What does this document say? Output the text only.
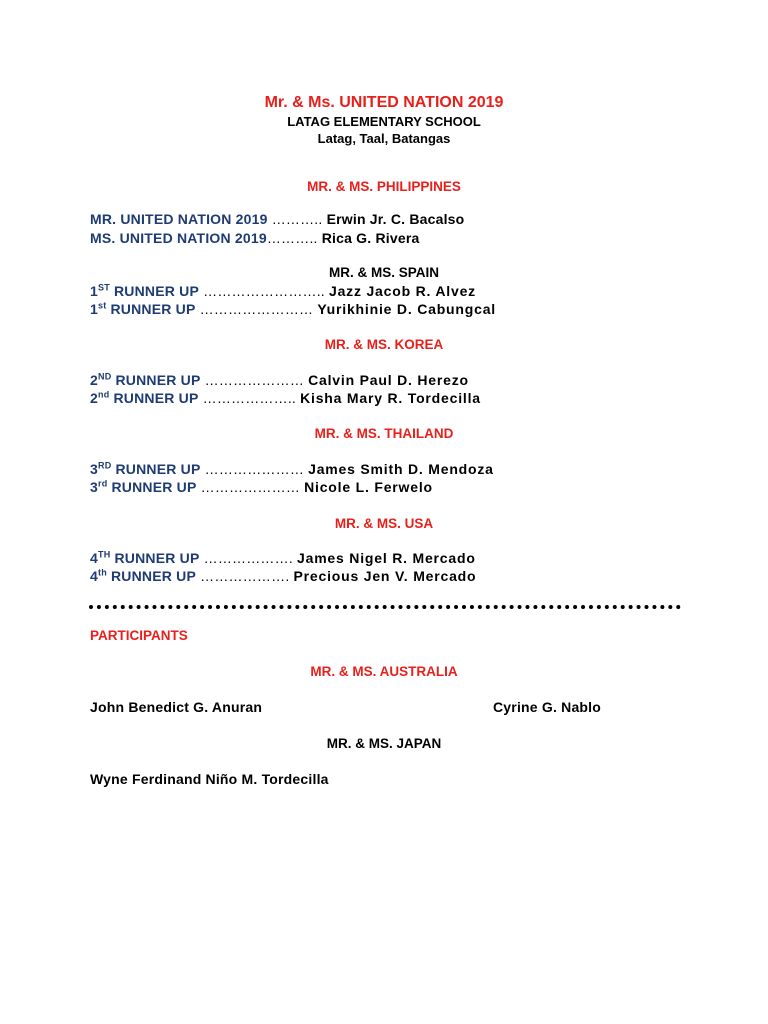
Mr. & Ms. UNITED NATION 2019
LATAG ELEMENTARY SCHOOL
Latag, Taal, Batangas
MR. & MS. PHILIPPINES
MR. UNITED NATION 2019 ……….. Erwin Jr. C. Bacalso
MS. UNITED NATION 2019……….. Rica G. Rivera
MR. & MS. SPAIN
1ST RUNNER UP …………………….. Jazz Jacob R. Alvez
1st RUNNER UP …………………… Yurikhinie D. Cabungcal
MR. & MS. KOREA
2ND RUNNER UP ………………… Calvin Paul D. Herezo
2nd RUNNER UP ……………….. Kisha Mary R. Tordecilla
MR. & MS. THAILAND
3RD RUNNER UP ………………… James Smith D. Mendoza
3rd RUNNER UP ………………… Nicole L. Ferwelo
MR. & MS. USA
4TH RUNNER UP ………………. James Nigel R. Mercado
4th RUNNER UP ………………. Precious Jen V. Mercado
PARTICIPANTS
MR. & MS. AUSTRALIA
John Benedict G. Anuran	Cyrine G. Nablo
MR. & MS. JAPAN
Wyne Ferdinand Niño M. Tordecilla
